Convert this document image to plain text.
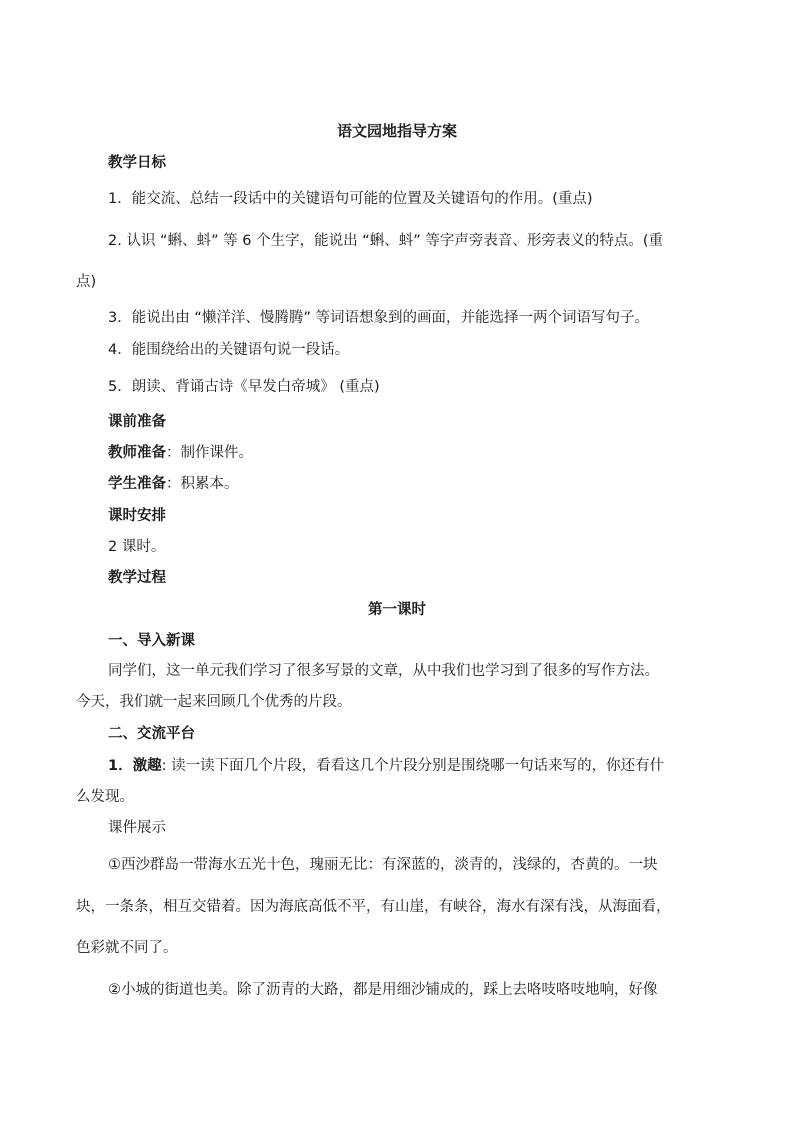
语文园地指导方案
教学日标
1．能交流、总结一段话中的关键语句可能的位置及关键语句的作用。(重点)
2. 认识 “蝌、蚪” 等 6 个生字，能说出 “蝌、蚪” 等字声旁表音、形旁表义的特点。(重
点)
3．能说出由 “懒洋洋、慢腾腾” 等词语想象到的画面，并能选择一两个词语写句子。
4．能围绕给出的关键语句说一段话。
5．朗读、背诵古诗《早发白帝城》 (重点)
课前准备
教师准备：制作课件。
学生准备：积累本。
课时安排
2 课时。
教学过程
第一课时
一、导入新课
同学们，这一单元我们学习了很多写景的文章，从中我们也学习到了很多的写作方法。
今天，我们就一起来回顾几个优秀的片段。
二、交流平台
1．激趣: 读一读下面几个片段，看看这几个片段分别是围绕哪一句话来写的，你还有什
么发现。
课件展示
①西沙群岛一带海水五光十色，瑰丽无比：有深蓝的，淡青的，浅绿的，杏黄的。一块
块，一条条，相互交错着。因为海底高低不平，有山崖，有峡谷，海水有深有浅，从海面看，
色彩就不同了。
②小城的街道也美。除了沥青的大路，都是用细沙铺成的，踩上去咯吱咯吱地响，好像
